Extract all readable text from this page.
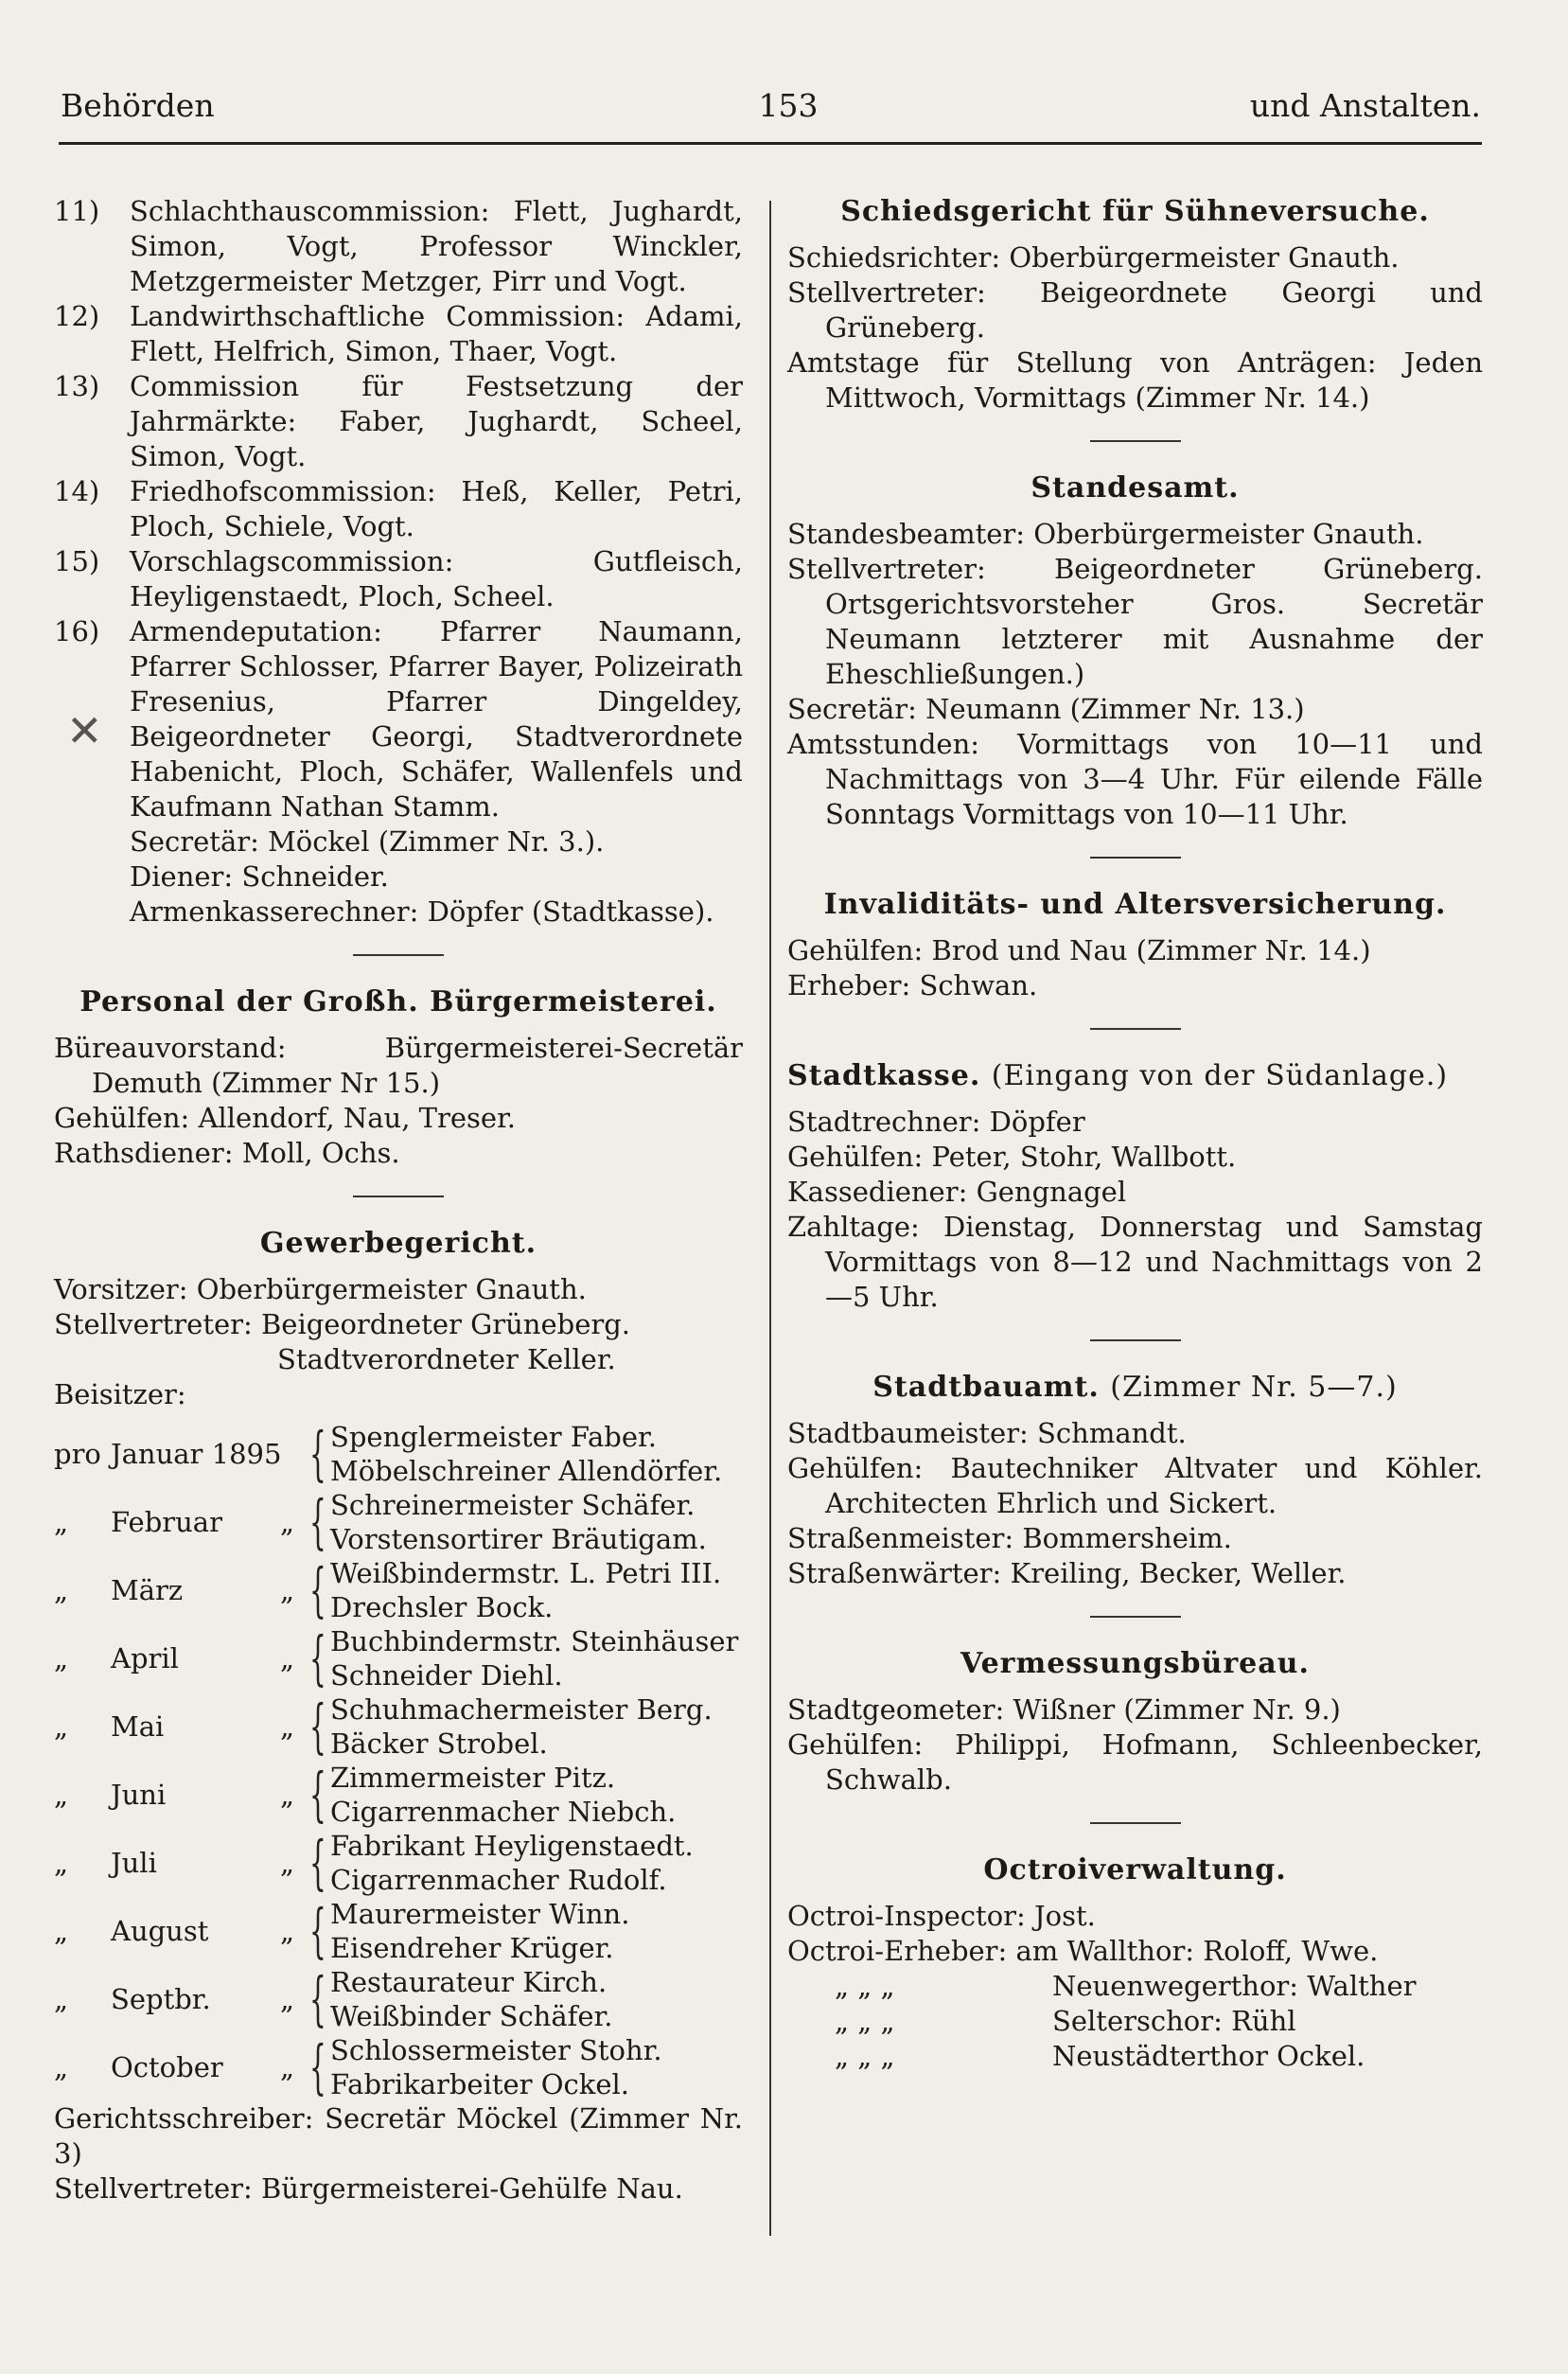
Behörden	153	und Anstalten.
✕
11)	Schlachthauscommission: Flett, Jughardt, Simon, Vogt, Professor Winckler, Metzgermeister Metzger, Pirr und Vogt.
12)	Landwirthschaftliche Commission: Adami, Flett, Helfrich, Simon, Thaer, Vogt.
13)	Commission für Festsetzung der Jahrmärkte: Faber, Jughardt, Scheel, Simon, Vogt.
14)	Friedhofscommission: Heß, Keller, Petri, Ploch, Schiele, Vogt.
15)	Vorschlagscommission: Gutfleisch, Heyligenstaedt, Ploch, Scheel.
16)	Armendeputation: Pfarrer Naumann, Pfarrer Schlosser, Pfarrer Bayer, Polizeirath Fresenius, Pfarrer Dingeldey, Beigeordneter Georgi, Stadtverordnete Habenicht, Ploch, Schäfer, Wallenfels und Kaufmann Nathan Stamm.
Secretär: Möckel (Zimmer Nr. 3.).
Diener: Schneider.
Armenkasserechner: Döpfer (Stadtkasse).
Personal der Großh. Bürgermeisterei.
Büreauvorstand: Bürgermeisterei-Secretär Demuth (Zimmer Nr 15.)
Gehülfen: Allendorf, Nau, Treser.
Rathsdiener: Moll, Ochs.
Gewerbegericht.
Vorsitzer: Oberbürgermeister Gnauth.
Stellvertreter: Beigeordneter Grüneberg.
Stadtverordneter Keller.
Beisitzer:
pro Januar 1895 { Spenglermeister Faber.
Möbelschreiner Allendörfer.
„ Februar „ { Schreinermeister Schäfer.
Vorstensortirer Bräutigam.
„ März	„ { Weißbindermstr. L. Petri III.
Drechsler Bock.
„ April	„ { Buchbindermstr. Steinhäuser
Schneider Diehl.
„ Mai	„ { Schuhmachermeister Berg.
Bäcker Strobel.
„ Juni	„ { Zimmermeister Pitz.
Cigarrenmacher Niebch.
„ Juli	„ { Fabrikant Heyligenstaedt.
Cigarrenmacher Rudolf.
„ August	„ { Maurermeister Winn.
Eisendreher Krüger.
„ Septbr.	„ { Restaurateur Kirch.
Weißbinder Schäfer.
„ October „ { Schlossermeister Stohr.
Fabrikarbeiter Ockel.
Gerichtsschreiber: Secretär Möckel (Zimmer Nr. 3)
Stellvertreter: Bürgermeisterei-Gehülfe Nau.
Schiedsgericht für Sühneversuche.
Schiedsrichter: Oberbürgermeister Gnauth.
Stellvertreter: Beigeordnete Georgi und Grüneberg.
Amtstage für Stellung von Anträgen: Jeden Mittwoch, Vormittags (Zimmer Nr. 14.)
Standesamt.
Standesbeamter: Oberbürgermeister Gnauth.
Stellvertreter: Beigeordneter Grüneberg. Ortsgerichtsvorsteher Gros. Secretär Neumann letzterer mit Ausnahme der Eheschließungen.)
Secretär: Neumann (Zimmer Nr. 13.)
Amtsstunden: Vormittags von 10—11 und Nachmittags von 3—4 Uhr. Für eilende Fälle Sonntags Vormittags von 10—11 Uhr.
Invaliditäts- und Altersversicherung.
Gehülfen: Brod und Nau (Zimmer Nr. 14.)
Erheber: Schwan.
Stadtkasse. (Eingang von der Südanlage.)
Stadtrechner: Döpfer
Gehülfen: Peter, Stohr, Wallbott.
Kassediener: Gengnagel
Zahltage: Dienstag, Donnerstag und Samstag Vormittags von 8—12 und Nachmittags von 2—5 Uhr.
Stadtbauamt. (Zimmer Nr. 5—7.)
Stadtbaumeister: Schmandt.
Gehülfen: Bautechniker Altvater und Köhler. Architecten Ehrlich und Sickert.
Straßenmeister: Bommersheim.
Straßenwärter: Kreiling, Becker, Weller.
Vermessungsbüreau.
Stadtgeometer: Wißner (Zimmer Nr. 9.)
Gehülfen: Philippi, Hofmann, Schleenbecker, Schwalb.
Octroiverwaltung.
Octroi-Inspector: Jost.
Octroi-Erheber: am Wallthor: Roloff, Wwe.
„ „ „	Neuenwegerthor: Walther
„ „ „	Selterschor: Rühl
„ „ „	Neustädterthor Ockel.
